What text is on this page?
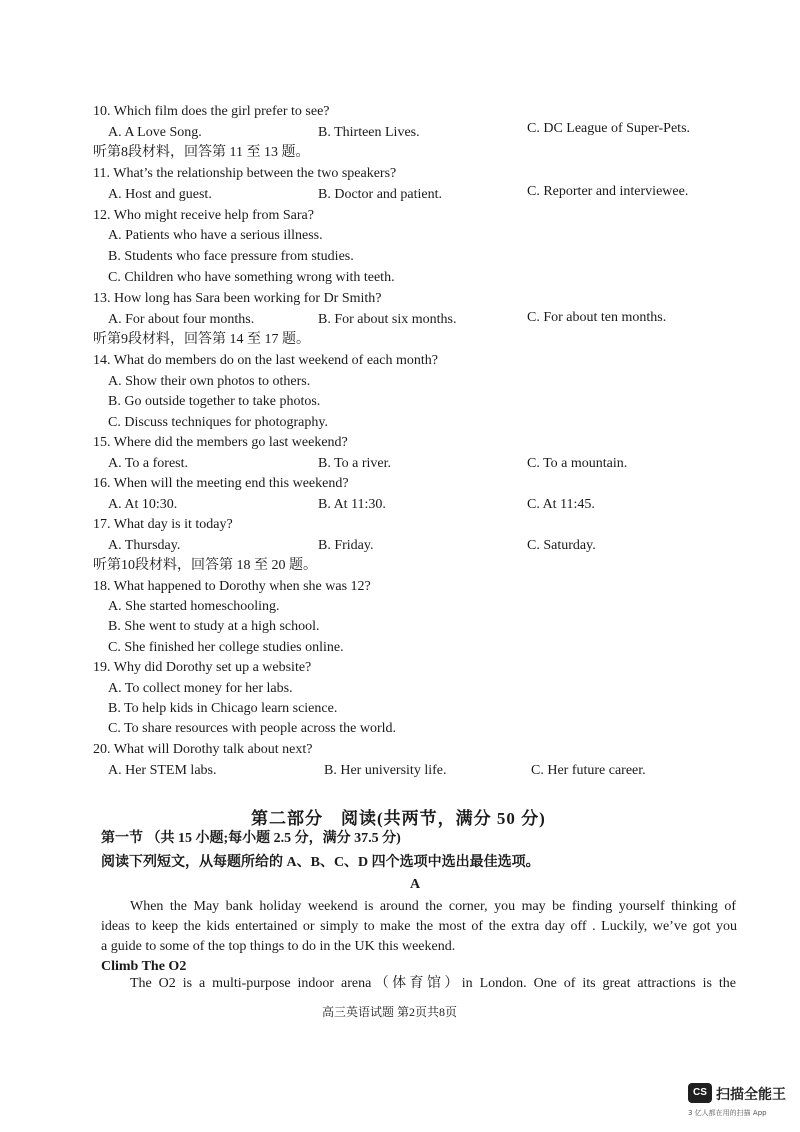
10. Which film does the girl prefer to see?
A. A Love Song.	B. Thirteen Lives.	C. DC League of Super-Pets.
听第8段材料，回答第 11 至 13 题。
11. What’s the relationship between the two speakers?
A. Host and guest.	B. Doctor and patient.	C. Reporter and interviewee.
12. Who might receive help from Sara?
A. Patients who have a serious illness.
B. Students who face pressure from studies.
C. Children who have something wrong with teeth.
13. How long has Sara been working for Dr Smith?
A. For about four months.	B. For about six months.	C. For about ten months.
听第9段材料，回答第 14 至 17 题。
14. What do members do on the last weekend of each month?
A. Show their own photos to others.
B. Go outside together to take photos.
C. Discuss techniques for photography.
15. Where did the members go last weekend?
A. To a forest.	B. To a river.	C. To a mountain.
16. When will the meeting end this weekend?
A. At 10:30.	B. At 11:30.	C. At 11:45.
17. What day is it today?
A. Thursday.	B. Friday.	C. Saturday.
听第10段材料，回答第 18 至 20 题。
18. What happened to Dorothy when she was 12?
A. She started homeschooling.
B. She went to study at a high school.
C. She finished her college studies online.
19. Why did Dorothy set up a website?
A. To collect money for her labs.
B. To help kids in Chicago learn science.
C. To share resources with people across the world.
20. What will Dorothy talk about next?
A. Her STEM labs.	B. Her university life.	C. Her future career.
第二部分　阅读(共两节，满分 50 分)
第一节 （共 15 小题;每小题 2.5 分，满分 37.5 分)
阅读下列短文，从每题所给的 A、B、C、D 四个选项中选出最佳选项。
A
When the May bank holiday weekend is around the corner, you may be finding yourself thinking of
ideas to keep the kids entertained or simply to make the most of the extra day off . Luckily, we’ve got you
a guide to some of the top things to do in the UK this weekend.
Climb The O2
The O2 is a multi-purpose indoor arena（体育馆）in London. One of its great attractions is the
高三英语试题 第2页共8页
CS 扫描全能王
3 亿人都在用的扫描 App
